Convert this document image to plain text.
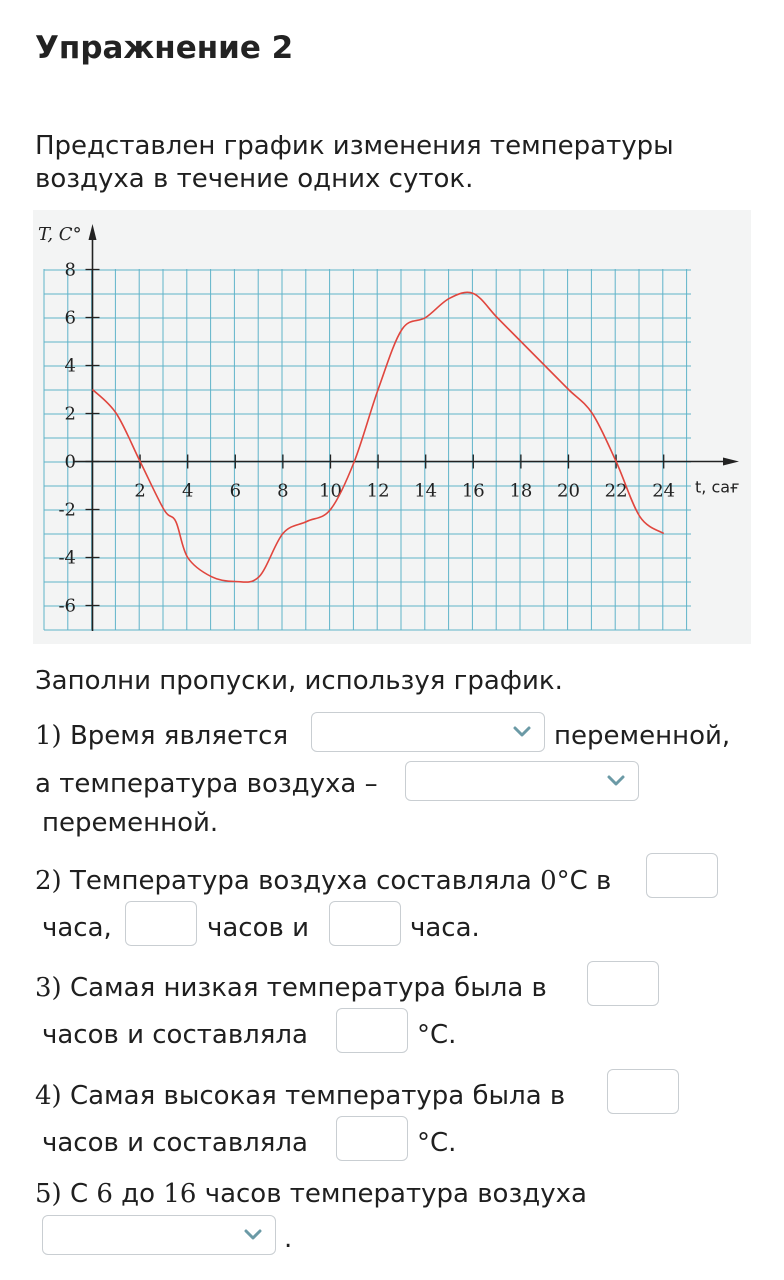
Упражнение 2
Представлен график изменения температуры воздуха в течение одних суток.
2 4 6 8 10 12 14 16 18 20 22 24
8
6
4
2
0
-2
-4
-6
T, C°
t, сағ
Заполни пропуски, используя график.
1) Время является	переменной,
а температура воздуха –
переменной.
2) Температура воздуха составляла 0°C в
часа,	часов и	часа.
3) Самая низкая температура была в
часов и составляла	°C.
4) Самая высокая температура была в
часов и составляла	°C.
5) С 6 до 16 часов температура воздуха
.
